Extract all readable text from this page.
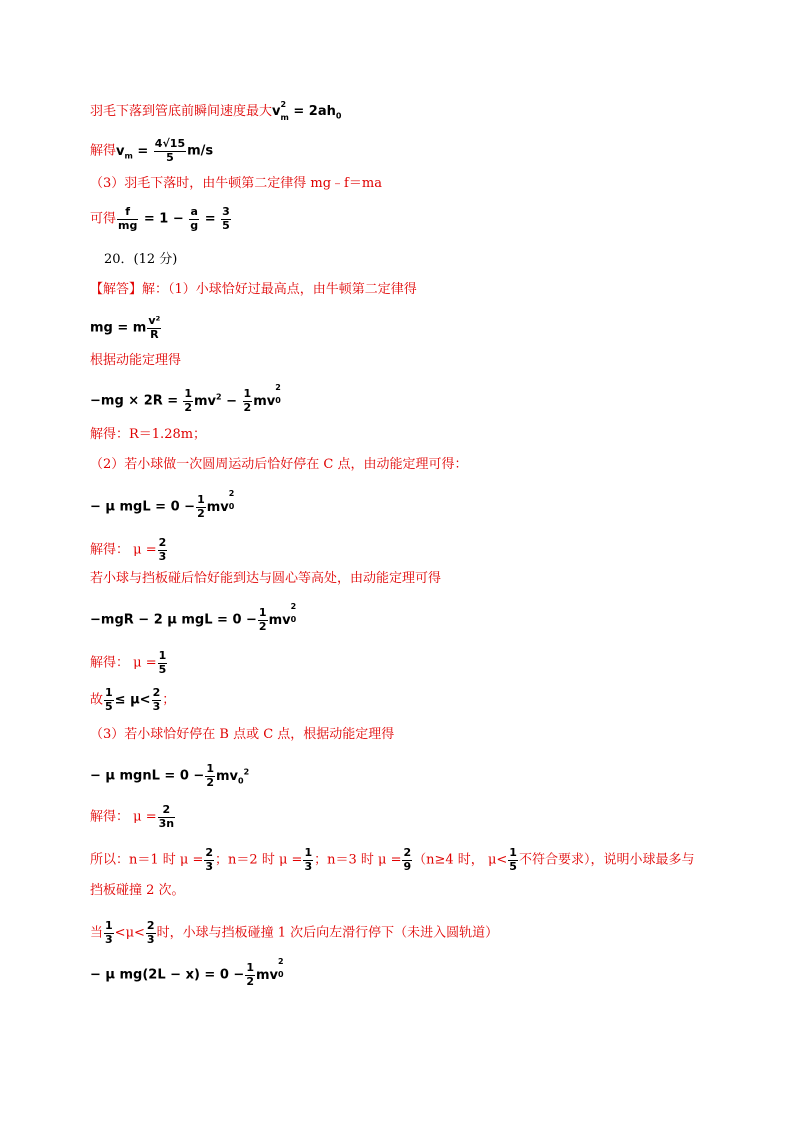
羽毛下落到管底前瞬间速度最大v 2
$m = 2ah_0$
解得$v_m = \frac{4√15}{5} m/s$
（3）羽毛下落时，由牛顿第二定律得 mg﹣f＝ma
可得 $\frac{f}{mg} = 1 - \frac{a}{g} = \frac{3}{5}$
20．(12 分)
【解答】解：（1）小球恰好过最高点，由牛顿第二定律得
mg = m $\frac{\text{v²}}{R}$
根据动能定理得
$-mg \times 2R = \frac{1}{2} mv^2 - \frac{1}{2}$ mv
2
0
解得：R＝1.28m；
（2）若小球做一次圆周运动后恰好停在 C 点，由动能定理可得：
− μ mgL = $0 - \frac{1}{2}$ mv
2
0
解得： $\mu = \frac{2}{3}$
若小球与挡板碰后恰好能到达与圆心等高处，由动能定理可得
−mgR − 2 μ mgL = $0 - \frac{1}{2}$ mv
2
0
解得： $\mu = \frac{1}{5}$
故 $\frac{1}{5} \le \mu< \frac{2}{3}$ ；
（3）若小球恰好停在 B 点或 C 点，根据动能定理得
− μ mgnL = $0 - \frac{1}{2} mv_0^2$
解得： $\mu = \frac{2}{3n}$
所以：n＝1 时 $\mu = \frac{2}{3}$ ；n＝2 时 $\mu = \frac{1}{3}$ ；n＝3 时 $\mu = \frac{2}{9} (n\ge 4$ 时， $\mu< \frac{1}{5}$ 不符合要求），说明小球最多与
挡板碰撞 2 次。
当 $\frac{1}{3} <\mu< \frac{2}{3}$ 时，小球与挡板碰撞 1 次后向左滑行停下（未进入圆轨道）
− μ $mg(2L - x) = 0 - \frac{1}{2}$ mv
2
0
